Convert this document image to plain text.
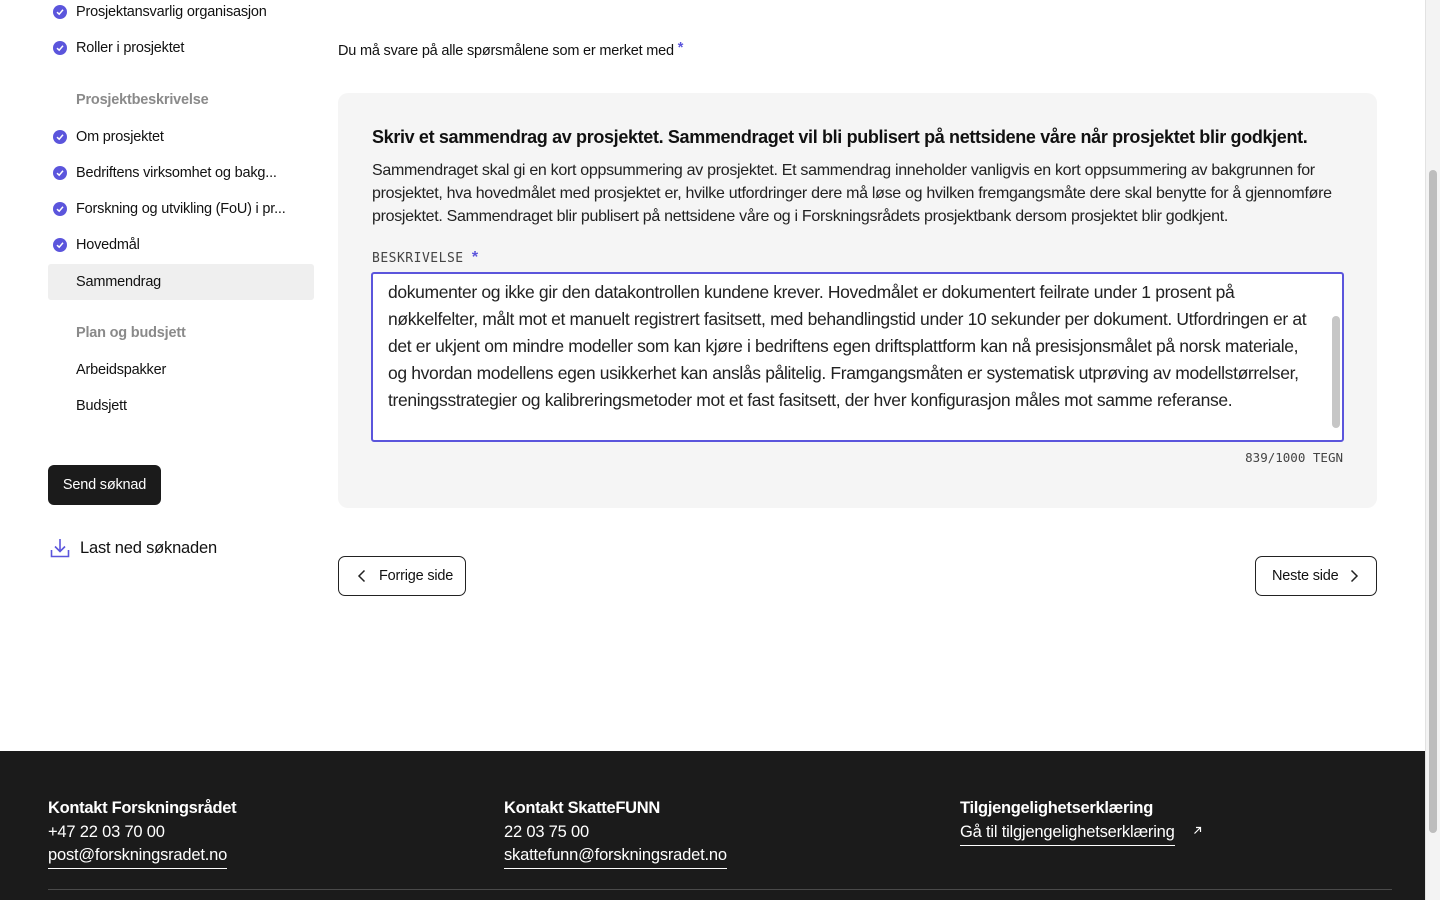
Prosjektansvarlig organisasjon
Roller i prosjektet
Prosjektbeskrivelse
Om prosjektet
Bedriftens virksomhet og bakg...
Forskning og utvikling (FoU) i pr...
Hovedmål
Sammendrag
Plan og budsjett
Arbeidspakker
Budsjett
Send søknad
Last ned søknaden
Du må svare på alle spørsmålene som er merket med *
Skriv et sammendrag av prosjektet. Sammendraget vil bli publisert på nettsidene våre når prosjektet blir godkjent.

Sammendraget skal gi en kort oppsummering av prosjektet. Et sammendrag inneholder vanligvis en kort oppsummering av bakgrunnen for prosjektet, hva hovedmålet med prosjektet er, hvilke utfordringer dere må løse og hvilken fremgangsmåte dere skal benytte for å gjennomføre prosjektet. Sammendraget blir publisert på nettsidene våre og i Forskningsrådets prosjektbank dersom prosjektet blir godkjent.

BESKRIVELSE *
dokumenter og ikke gir den datakontrollen kundene krever. Hovedmålet er dokumentert feilrate under 1 prosent på nøkkelfelter, målt mot et manuelt registrert fasitsett, med behandlingstid under 10 sekunder per dokument. Utfordringen er at det er ukjent om mindre modeller som kan kjøre i bedriftens egen driftsplattform kan nå presisjonsmålet på norsk materiale, og hvordan modellens egen usikkerhet kan anslås pålitelig. Framgangsmåten er systematisk utprøving av modellstørrelser, treningsstrategier og kalibreringsmetoder mot et fast fasitsett, der hver konfigurasjon måles mot samme referanse.
839/1000 TEGN
Forrige side	Neste side
Kontakt Forskningsrådet
+47 22 03 70 00
post@forskningsradet.no
Kontakt SkatteFUNN
22 03 75 00
skattefunn@forskningsradet.no
Tilgjengelighetserklæring
Gå til tilgjengelighetserklæring
